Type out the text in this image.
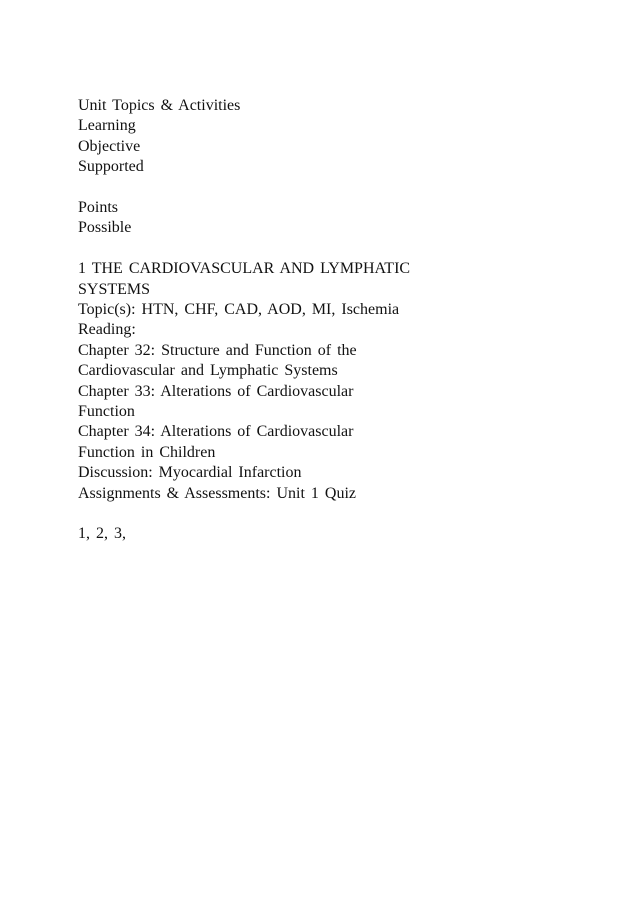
Unit Topics & Activities
Learning
Objective
Supported
Points
Possible
1 THE CARDIOVASCULAR AND LYMPHATIC
SYSTEMS
Topic(s): HTN, CHF, CAD, AOD, MI, Ischemia
Reading:
Chapter 32: Structure and Function of the
Cardiovascular and Lymphatic Systems
Chapter 33: Alterations of Cardiovascular
Function
Chapter 34: Alterations of Cardiovascular
Function in Children
Discussion: Myocardial Infarction
Assignments & Assessments: Unit 1 Quiz
1, 2, 3,
